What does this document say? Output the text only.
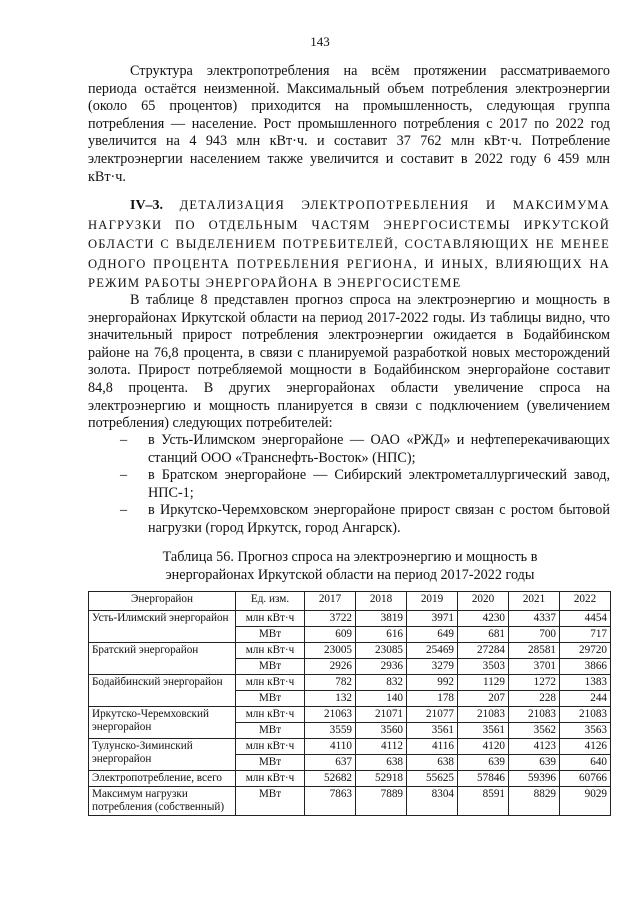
143

Структура электропотребления на всём протяжении рассматриваемого периода остаётся неизменной. Максимальный объем потребления электроэнергии (около 65 процентов) приходится на промышленность, следующая группа потребления — население. Рост промышленного потребления с 2017 по 2022 год увеличится на 4 943 млн кВт·ч. и составит 37 762 млн кВт·ч. Потребление электроэнергии населением также увеличится и составит в 2022 году 6 459 млн кВт·ч.

IV–3. ДЕТАЛИЗАЦИЯ ЭЛЕКТРОПОТРЕБЛЕНИЯ И МАКСИМУМА НАГРУЗКИ ПО ОТДЕЛЬНЫМ ЧАСТЯМ ЭНЕРГОСИСТЕМЫ ИРКУТСКОЙ ОБЛАСТИ С ВЫДЕЛЕНИЕМ ПОТРЕБИТЕЛЕЙ, СОСТАВЛЯЮЩИХ НЕ МЕНЕЕ ОДНОГО ПРОЦЕНТА ПОТРЕБЛЕНИЯ РЕГИОНА, И ИНЫХ, ВЛИЯЮЩИХ НА РЕЖИМ РАБОТЫ ЭНЕРГОРАЙОНА В ЭНЕРГОСИСТЕМЕ

В таблице 8 представлен прогноз спроса на электроэнергию и мощность в энергорайонах Иркутской области на период 2017-2022 годы. Из таблицы видно, что значительный прирост потребления электроэнергии ожидается в Бодайбинском районе на 76,8 процента, в связи с планируемой разработкой новых месторождений золота. Прирост потребляемой мощности в Бодайбинском энергорайоне составит 84,8 процента. В других энергорайонах области увеличение спроса на электроэнергию и мощность планируется в связи с подключением (увеличением потребления) следующих потребителей:

– в Усть-Илимском энергорайоне — ОАО «РЖД» и нефтеперекачивающих станций ООО «Транснефть-Восток» (НПС);
– в Братском энергорайоне — Сибирский электрометаллургический завод, НПС-1;
– в Иркутско-Черемховском энергорайоне прирост связан с ростом бытовой нагрузки (город Иркутск, город Ангарск).

Таблица 56. Прогноз спроса на электроэнергию и мощность в энергорайонах Иркутской области на период 2017-2022 годы

Энергорайон	Ед. изм.	2017	2018	2019	2020	2021	2022
Усть-Илимский энергорайон	млн кВт·ч	3722	3819	3971	4230	4337	4454
	МВт	609	616	649	681	700	717
Братский энергорайон	млн кВт·ч	23005	23085	25469	27284	28581	29720
	МВт	2926	2936	3279	3503	3701	3866
Бодайбинский энергорайон	млн кВт·ч	782	832	992	1129	1272	1383
	МВт	132	140	178	207	228	244
Иркутско-Черемховский энергорайон	млн кВт·ч	21063	21071	21077	21083	21083	21083
	МВт	3559	3560	3561	3561	3562	3563
Тулунско-Зиминский энергорайон	млн кВт·ч	4110	4112	4116	4120	4123	4126
	МВт	637	638	638	639	639	640
Электропотребление, всего	млн кВт·ч	52682	52918	55625	57846	59396	60766
Максимум нагрузки потребления (собственный)	МВт	7863	7889	8304	8591	8829	9029
